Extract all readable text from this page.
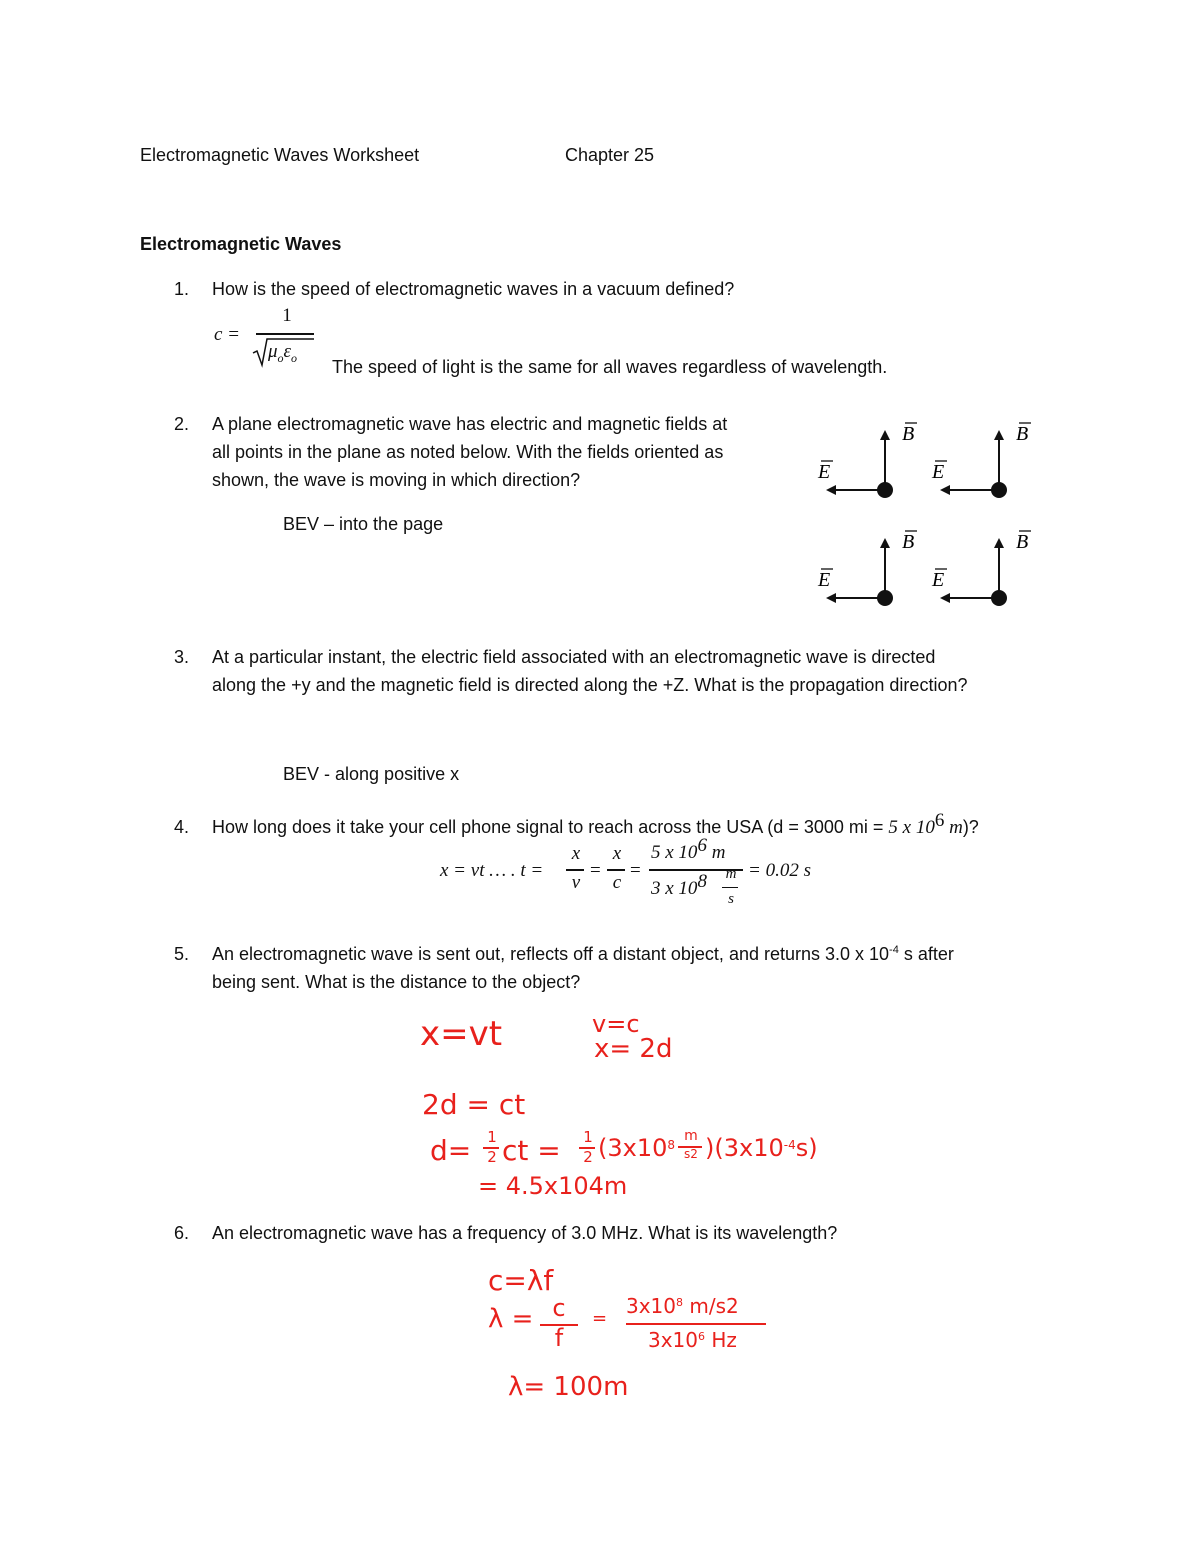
Electromagnetic Waves Worksheet	Chapter 25
Electromagnetic Waves
1. How is the speed of electromagnetic waves in a vacuum defined?
c =
1
$\mu_o\varepsilon_o$ The speed of light is the same for all waves regardless of wavelength.
2. A plane electromagnetic wave has electric and magnetic fields at
all points in the plane as noted below. With the fields oriented as
shown, the wave is moving in which direction?
BEV – into the page
B
E
B
E
B
E
B
E
3. At a particular instant, the electric field associated with an electromagnetic wave is directed
along the +y and the magnetic field is directed along the +Z. What is the propagation direction?
BEV - along positive x
4. How long does it take your cell phone signal to reach across the USA (d = 3000 mi = 5 x $10^6$ m)?
x = vt … . t =
x
v
=
x
c
=
5 x $10^6$ m
3 x $10^8$ m
s
= 0.02 s
5. An electromagnetic wave is sent out, reflects off a distant object, and returns 3.0 x $10^{-4}$ s after
being sent. What is the distance to the object?
x=vt	v=c
x= 2d
2d = ct
d= 1
2 ct = 1
2 ($3x10^8$ )$(3x10^{-4}s)$
m
s2
= 4.5x104m
6. An electromagnetic wave has a frequency of 3.0 MHz. What is its wavelength?
c=λf
λ = c
f
=
$3x10^8$ m/s2
$3x10^6$ Hz
λ= 100m
